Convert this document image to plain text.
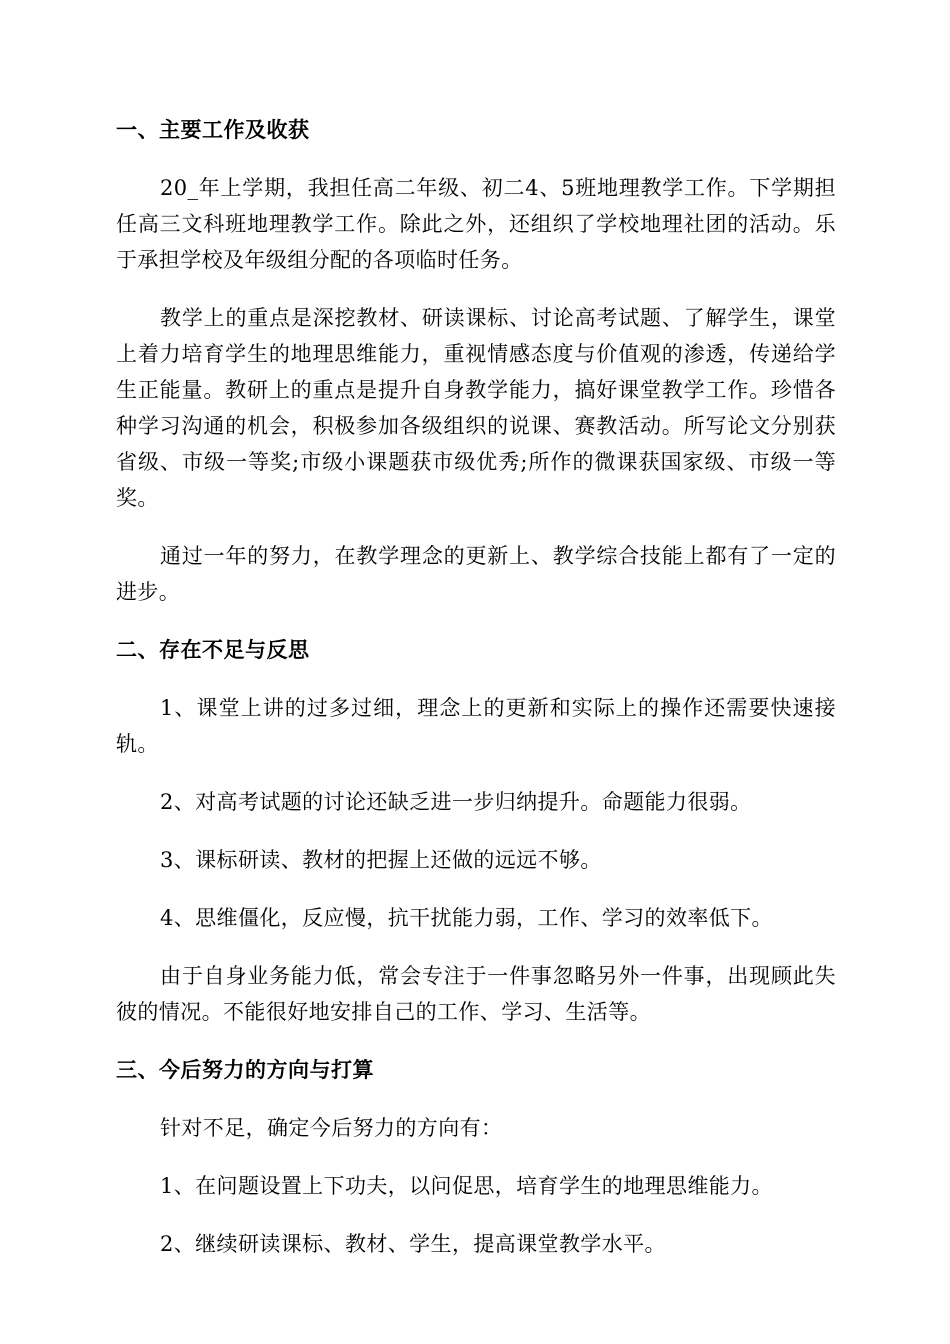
一、主要工作及收获

20_年上学期，我担任高二年级、初二4、5班地理教学工作。下学期担任高三文科班地理教学工作。除此之外，还组织了学校地理社团的活动。乐于承担学校及年级组分配的各项临时任务。

教学上的重点是深挖教材、研读课标、讨论高考试题、了解学生，课堂上着力培育学生的地理思维能力，重视情感态度与价值观的渗透，传递给学生正能量。教研上的重点是提升自身教学能力，搞好课堂教学工作。珍惜各种学习沟通的机会，积极参加各级组织的说课、赛教活动。所写论文分别获省级、市级一等奖;市级小课题获市级优秀;所作的微课获国家级、市级一等奖。

通过一年的努力，在教学理念的更新上、教学综合技能上都有了一定的进步。

二、存在不足与反思

1、课堂上讲的过多过细，理念上的更新和实际上的操作还需要快速接轨。

2、对高考试题的讨论还缺乏进一步归纳提升。命题能力很弱。

3、课标研读、教材的把握上还做的远远不够。

4、思维僵化，反应慢，抗干扰能力弱，工作、学习的效率低下。

由于自身业务能力低，常会专注于一件事忽略另外一件事，出现顾此失彼的情况。不能很好地安排自己的工作、学习、生活等。

三、今后努力的方向与打算

针对不足，确定今后努力的方向有：

1、在问题设置上下功夫，以问促思，培育学生的地理思维能力。

2、继续研读课标、教材、学生，提高课堂教学水平。
